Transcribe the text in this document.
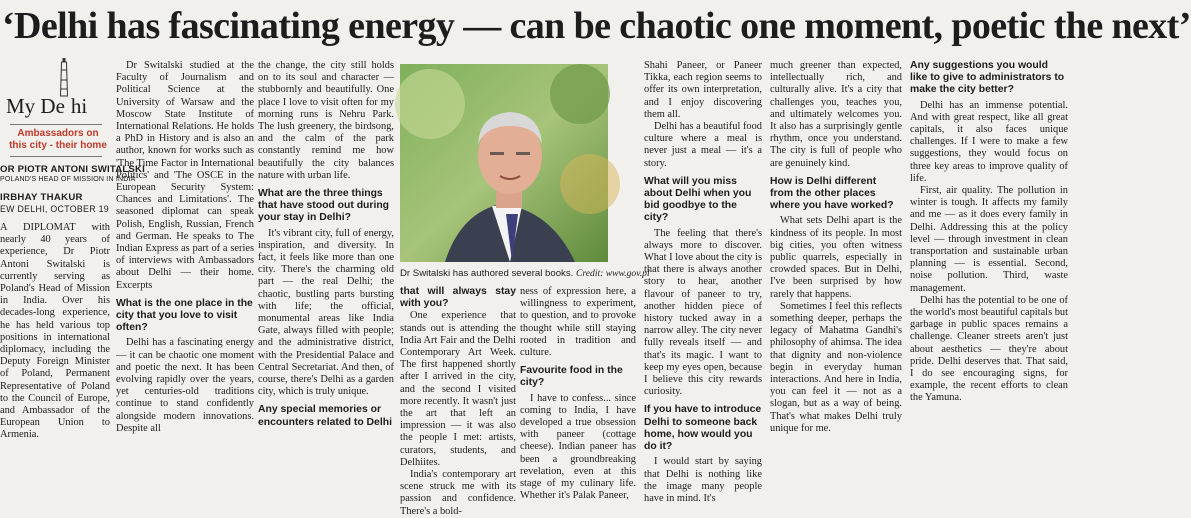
‘Delhi has fascinating energy — can be chaotic one moment, poetic the next’
My De hi
Ambassadors on
this city - their home
OR PIOTR ANTONI SWITALSKI
POLAND'S HEAD OF MISSION IN INDIA
IRBHAY THAKUR
EW DELHI, OCTOBER 19

A DIPLOMAT with nearly 40 years of experience, Dr Piotr Antoni Switalski is currently serving as Poland's Head of Mission in India. Over his decades-long experience, he has held various top positions in international diplomacy, including the Deputy Foreign Minister of Poland, Permanent Representative of Poland to the Council of Europe, and Ambassador of the European Union to Armenia.

Dr Switalski studied at the Faculty of Journalism and Political Science at the University of Warsaw and the Moscow State Institute of International Relations. He holds a PhD in History and is also an author, known for works such as 'The Time Factor in International Politics' and 'The OSCE in the European Security System: Chances and Limitations'. The seasoned diplomat can speak Polish, English, Russian, French and German. He speaks to The Indian Express as part of a series of interviews with Ambassadors about Delhi — their home. Excerpts

What is the one place in the city that you love to visit often?

Delhi has a fascinating energy — it can be chaotic one moment and poetic the next. It has been evolving rapidly over the years, yet centuries-old traditions continue to stand confidently alongside modern innovations. Despite all

the change, the city still holds on to its soul and character — stubbornly and beautifully. One place I love to visit often for my morning runs is Nehru Park. The lush greenery, the birdsong, and the calm of the park constantly remind me how beautifully the city balances nature with urban life.

What are the three things that have stood out during your stay in Delhi?

It's vibrant city, full of energy, inspiration, and diversity. In fact, it feels like more than one city. There's the charming old part — the real Delhi; the chaotic, bustling parts bursting with life; the official, monumental areas like India Gate, always filled with people; and the administrative district, with the Presidential Palace and Central Secretariat. And then, of course, there's Delhi as a garden city, which is truly unique.

Any special memories or encounters related to Delhi

Dr Switalski has authored several books. Credit: www.gov.pl

that will always stay with you?

One experience that stands out is attending the India Art Fair and the Delhi Contemporary Art Week. The first happened shortly after I arrived in the city, and the second I visited more recently. It wasn't just the art that left an impression — it was also the people I met: artists, curators, students, and Delhiites.

India's contemporary art scene struck me with its passion and confidence. There's a bold-

ness of expression here, a willingness to experiment, to question, and to provoke thought while still staying rooted in tradition and culture.

Favourite food in the city?

I have to confess... since coming to India, I have developed a true obsession with paneer (cottage cheese). Indian paneer has been a groundbreaking revelation, even at this stage of my culinary life. Whether it's Palak Paneer,

Shahi Paneer, or Paneer Tikka, each region seems to offer its own interpretation, and I enjoy discovering them all.

Delhi has a beautiful food culture where a meal is never just a meal — it's a story.

What will you miss about Delhi when you bid goodbye to the city?

The feeling that there's always more to discover. What I love about the city is that there is always another story to hear, another flavour of paneer to try, another hidden piece of history tucked away in a narrow alley. The city never fully reveals itself — and that's its magic. I want to keep my eyes open, because I believe this city rewards curiosity.

If you have to introduce Delhi to someone back home, how would you do it?

I would start by saying that Delhi is nothing like the image many people have in mind. It's

much greener than expected, intellectually rich, and culturally alive. It's a city that challenges you, teaches you, and ultimately welcomes you. It also has a surprisingly gentle rhythm, once you understand. The city is full of people who are genuinely kind.

How is Delhi different from the other places where you have worked?

What sets Delhi apart is the kindness of its people. In most big cities, you often witness public quarrels, especially in crowded spaces. But in Delhi, I've been surprised by how rarely that happens.

Sometimes I feel this reflects something deeper, perhaps the legacy of Mahatma Gandhi's philosophy of ahimsa. The idea that dignity and non-violence begin in everyday human interactions. And here in India, you can feel it — not as a slogan, but as a way of being. That's what makes Delhi truly unique for me.

Any suggestions you would like to give to administrators to make the city better?

Delhi has an immense potential. And with great respect, like all great capitals, it also faces unique challenges. If I were to make a few suggestions, they would focus on three key areas to improve quality of life.

First, air quality. The pollution in winter is tough. It affects my family and me — as it does every family in Delhi. Addressing this at the policy level — through investment in clean transportation and sustainable urban planning — is essential. Second, noise pollution. Third, waste management.

Delhi has the potential to be one of the world's most beautiful capitals but garbage in public spaces remains a challenge. Cleaner streets aren't just about aesthetics — they're about pride. Delhi deserves that. That said, I do see encouraging signs, for example, the recent efforts to clean the Yamuna.
